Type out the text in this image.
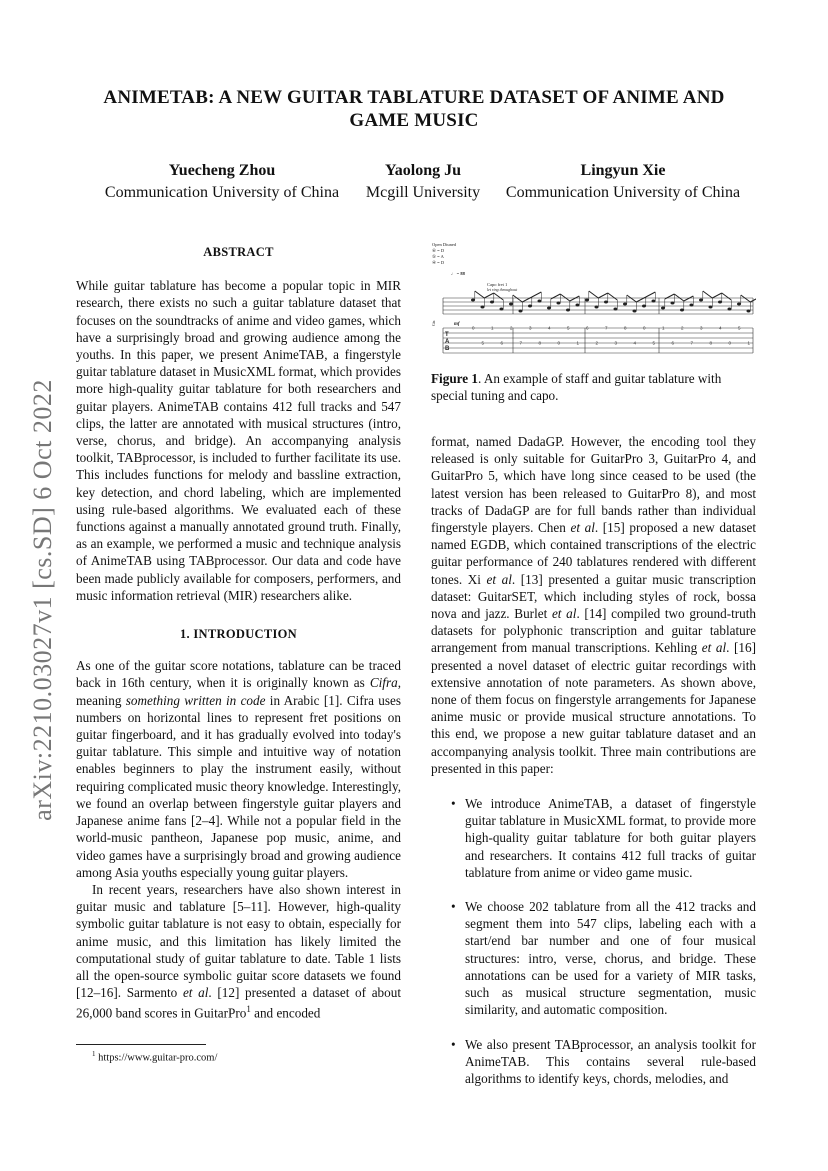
arXiv:2210.03027v1 [cs.SD] 6 Oct 2022
ANIMETAB: A NEW GUITAR TABLATURE DATASET OF ANIME AND
GAME MUSIC
Yuecheng Zhou
Communication University of China
Yaolong Ju
Mcgill University
Lingyun Xie
Communication University of China
ABSTRACT

While guitar tablature has become a popular topic in MIR research, there exists no such a guitar tablature dataset that focuses on the soundtracks of anime and video games, which have a surprisingly broad and growing audience among the youths. In this paper, we present AnimeTAB, a fingerstyle guitar tablature dataset in MusicXML format, which provides more high-quality guitar tablature for both researchers and guitar players. AnimeTAB contains 412 full tracks and 547 clips, the latter are annotated with musical structures (intro, verse, chorus, and bridge). An accompanying analysis toolkit, TABprocessor, is included to further facilitate its use. This includes functions for melody and bassline extraction, key detection, and chord labeling, which are implemented using rule-based algorithms. We evaluated each of these functions against a manually annotated ground truth. Finally, as an example, we performed a music and technique analysis of AnimeTAB using TABprocessor. Our data and code have been made publicly available for composers, performers, and music information retrieval (MIR) researchers alike.

1. INTRODUCTION

As one of the guitar score notations, tablature can be traced back in 16th century, when it is originally known as Cifra, meaning something written in code in Arabic [1]. Cifra uses numbers on horizontal lines to represent fret positions on guitar fingerboard, and it has gradually evolved into today's guitar tablature. This simple and intuitive way of notation enables beginners to play the instrument easily, without requiring complicated music theory knowledge. Interestingly, we found an overlap between fingerstyle guitar players and Japanese anime fans [2–4]. While not a popular field in the world-music pantheon, Japanese pop music, anime, and video games have a surprisingly broad and growing audience among Asia youths especially young guitar players.

In recent years, researchers have also shown interest in guitar music and tablature [5–11]. However, high-quality symbolic guitar tablature is not easy to obtain, especially for anime music, and this limitation has likely limited the computational study of guitar tablature to date. Table 1 lists all the open-source symbolic guitar score datasets we found [12–16]. Sarmento et al. [12] presented a dataset of about 26,000 band scores in GuitarPro$^1$ and encoded

Open Dtuned
⑥ = D
⑤ = A
④ = D
♩ = 88
Capo fret 1
let ring throughout
mf
Gtr.
T
A
B
0
5
1
6
2
7
3
8
4
0
5
1
6
2
7
3
8
4
0
5
1
6
2
7
3
8
4
0
5
1
Figure 1. An example of staff and guitar tablature with special tuning and capo.

format, named DadaGP. However, the encoding tool they released is only suitable for GuitarPro 3, GuitarPro 4, and GuitarPro 5, which have long since ceased to be used (the latest version has been released to GuitarPro 8), and most tracks of DadaGP are for full bands rather than individual fingerstyle players. Chen et al. [15] proposed a new dataset named EGDB, which contained transcriptions of the electric guitar performance of 240 tablatures rendered with different tones. Xi et al. [13] presented a guitar music transcription dataset: GuitarSET, which including styles of rock, bossa nova and jazz. Burlet et al. [14] compiled two ground-truth datasets for polyphonic transcription and guitar tablature arrangement from manual transcriptions. Kehling et al. [16] presented a novel dataset of electric guitar recordings with extensive annotation of note parameters. As shown above, none of them focus on fingerstyle arrangements for Japanese anime music or provide musical structure annotations. To this end, we propose a new guitar tablature dataset and an accompanying analysis toolkit. Three main contributions are presented in this paper:

• We introduce AnimeTAB, a dataset of fingerstyle guitar tablature in MusicXML format, to provide more high-quality guitar tablature for both guitar players and researchers. It contains 412 full tracks of guitar tablature from anime or video game music.
• We choose 202 tablature from all the 412 tracks and segment them into 547 clips, labeling each with a start/end bar number and one of four musical structures: intro, verse, chorus, and bridge. These annotations can be used for a variety of MIR tasks, such as musical structure segmentation, music similarity, and automatic composition.
• We also present TABprocessor, an analysis toolkit for AnimeTAB. This contains several rule-based algorithms to identify keys, chords, melodies, and
$^1$ https://www.guitar-pro.com/
